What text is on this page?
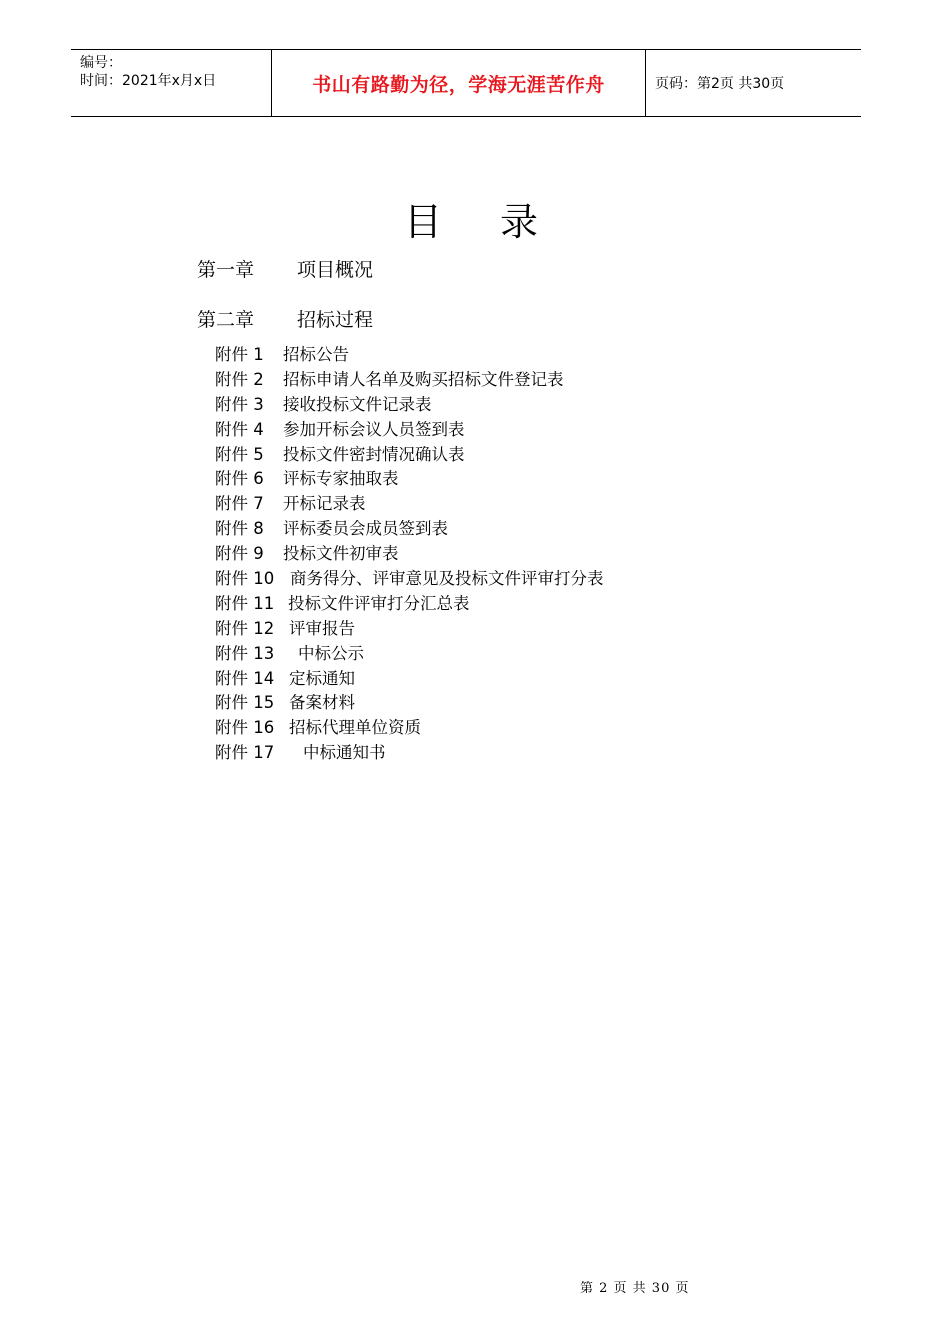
编号：
时间：2021年x月x日	书山有路勤为径，学海无涯苦作舟	页码：第2页 共30页
目录
第一章	项目概况
第二章	招标过程
附件 1	招标公告
附件 2	招标申请人名单及购买招标文件登记表
附件 3	接收投标文件记录表
附件 4	参加开标会议人员签到表
附件 5	投标文件密封情况确认表
附件 6	评标专家抽取表
附件 7	开标记录表
附件 8	评标委员会成员签到表
附件 9	投标文件初审表
附件 10 商务得分、评审意见及投标文件评审打分表
附件 11 投标文件评审打分汇总表
附件 12 评审报告
附件 13	中标公示
附件 14 定标通知
附件 15 备案材料
附件 16 招标代理单位资质
附件 17	中标通知书
第 2 页 共 30 页
